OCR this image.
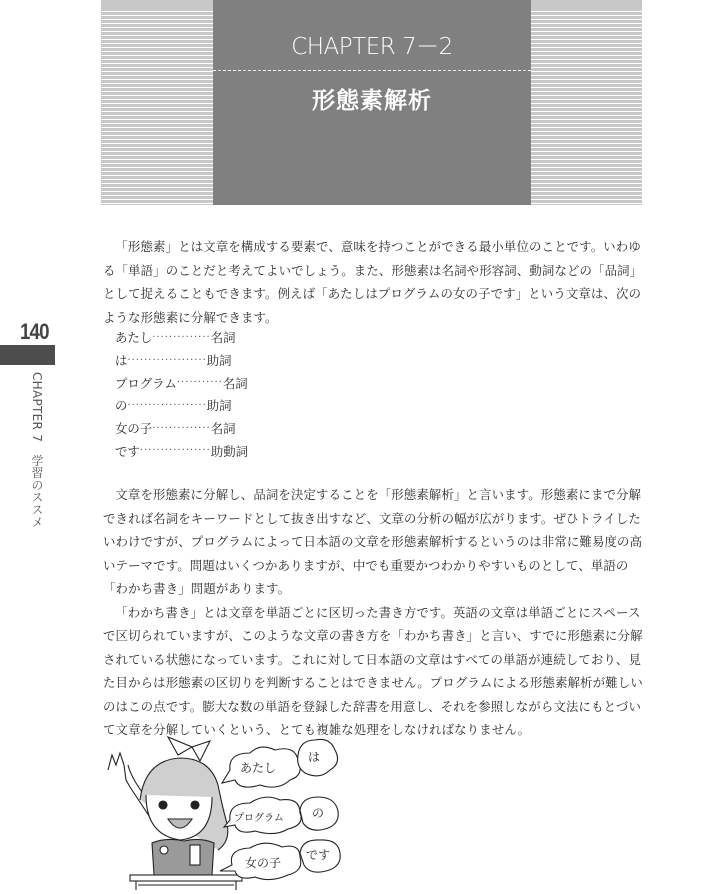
CHAPTER 7－2
形態素解析
140
CHAPTER 7学習のススメ

「形態素」とは文章を構成する要素で、意味を持つことができる最小単位のことです。いわゆる「単語」のことだと考えてよいでしょう。また、形態素は名詞や形容詞、動詞などの「品詞」として捉えることもできます。例えば「あたしはプログラムの女の子です」という文章は、次のような形態素に分解できます。

あたし ·············· 名詞
は ··················· 助詞
プログラム ··········· 名詞
の ··················· 助詞
女の子 ·············· 名詞
です ················· 助動詞

文章を形態素に分解し、品詞を決定することを「形態素解析」と言います。形態素にまで分解できれば名詞をキーワードとして抜き出すなど、文章の分析の幅が広がります。ぜひトライしたいわけですが、プログラムによって日本語の文章を形態素解析するというのは非常に難易度の高いテーマです。問題はいくつかありますが、中でも重要かつわかりやすいものとして、単語の「わかち書き」問題があります。

「わかち書き」とは文章を単語ごとに区切った書き方です。英語の文章は単語ごとにスペースで区切られていますが、このような文章の書き方を「わかち書き」と言い、すでに形態素に分解されている状態になっています。これに対して日本語の文章はすべての単語が連続しており、見た目からは形態素の区切りを判断することはできません。プログラムによる形態素解析が難しいのはこの点です。膨大な数の単語を登録した辞書を用意し、それを参照しながら文法にもとづいて文章を分解していくという、とても複雑な処理をしなければなりません。

あたし
は
プログラム の
女の子
です
